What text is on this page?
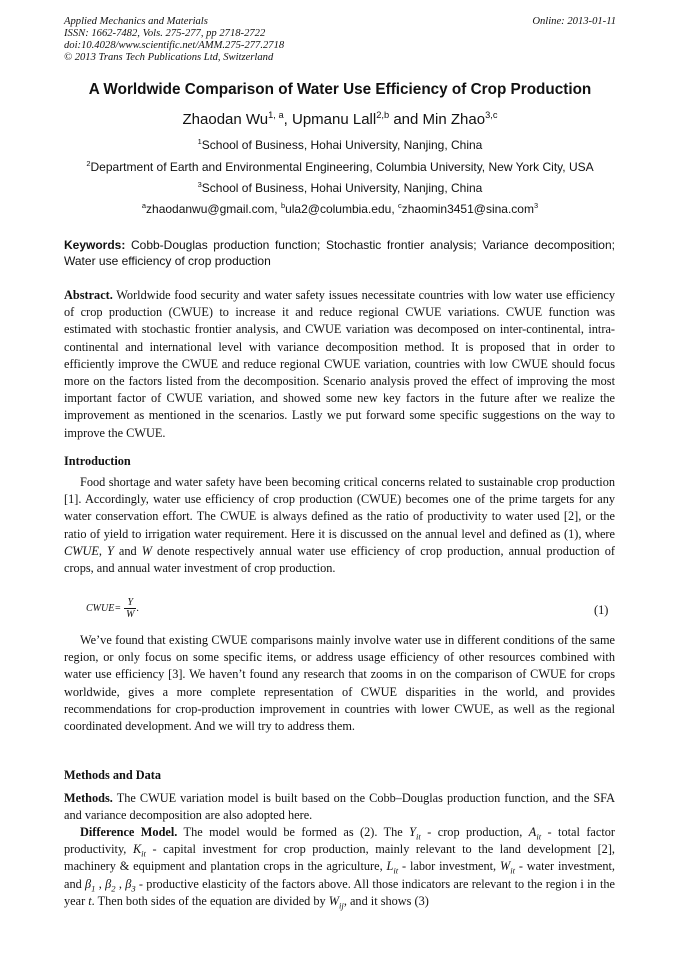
Applied Mechanics and Materials
ISSN: 1662-7482, Vols. 275-277, pp 2718-2722
doi:10.4028/www.scientific.net/AMM.275-277.2718
© 2013 Trans Tech Publications Ltd, Switzerland
Online: 2013-01-11
A Worldwide Comparison of Water Use Efficiency of Crop Production
Zhaodan Wu$^{1, a}$, Upmanu Lall$^{2,b}$ and Min Zhao$^{3,c}$
$^1$School of Business, Hohai University, Nanjing, China
$^2$Department of Earth and Environmental Engineering, Columbia University, New York City, USA
$^3$School of Business, Hohai University, Nanjing, China
$^a$zhaodanwu@gmail.com, $^b$ula2@columbia.edu, $^c$zhaomin3451@sina.com$^3$
Keywords: Cobb-Douglas production function; Stochastic frontier analysis; Variance decomposition; Water use efficiency of crop production
Abstract. Worldwide food security and water safety issues necessitate countries with low water use efficiency of crop production (CWUE) to increase it and reduce regional CWUE variations. CWUE function was estimated with stochastic frontier analysis, and CWUE variation was decomposed on inter-continental, intra-continental and international level with variance decomposition method. It is proposed that in order to efficiently improve the CWUE and reduce regional CWUE variation, countries with low CWUE should focus more on the factors listed from the decomposition. Scenario analysis proved the effect of improving the most important factor of CWUE variation, and showed some new key factors in the future after we realize the improvement as mentioned in the scenarios. Lastly we put forward some specific suggestions on the way to improve the CWUE.
Introduction
Food shortage and water safety have been becoming critical concerns related to sustainable crop production [1]. Accordingly, water use efficiency of crop production (CWUE) becomes one of the prime targets for any water conservation effort. The CWUE is always defined as the ratio of productivity to water used [2], or the ratio of yield to irrigation water requirement. Here it is discussed on the annual level and defined as (1), where CWUE, Y and W denote respectively annual water use efficiency of crop production, annual production of crops, and annual water investment of crop production.
CWUE= $\frac{Y}{W}$ .	(1)
We’ve found that existing CWUE comparisons mainly involve water use in different conditions of the same region, or only focus on some specific items, or address usage efficiency of other resources combined with water use efficiency [3]. We haven’t found any research that zooms in on the comparison of CWUE for crops worldwide, gives a more complete representation of CWUE disparities in the world, and provides recommendations for crop-production improvement in countries with lower CWUE, as well as the regional coordinated development. And we will try to address them.
Methods and Data
Methods. The CWUE variation model is built based on the Cobb–Douglas production function, and the SFA and variance decomposition are also adopted here.
Difference Model. The model would be formed as (2). The $Y_{it}$ - crop production, $A_{it}$ - total factor productivity, $K_{it}$ - capital investment for crop production, mainly relevant to the land development [2], machinery & equipment and plantation crops in the agriculture, $L_{it}$ - labor investment, $W_{it}$ - water investment, and $\beta_1$ , $\beta_2$ , $\beta_3$ - productive elasticity of the factors above. All those indicators are relevant to the region i in the year t. Then both sides of the equation are divided by $W_{ij}$, and it shows (3)
